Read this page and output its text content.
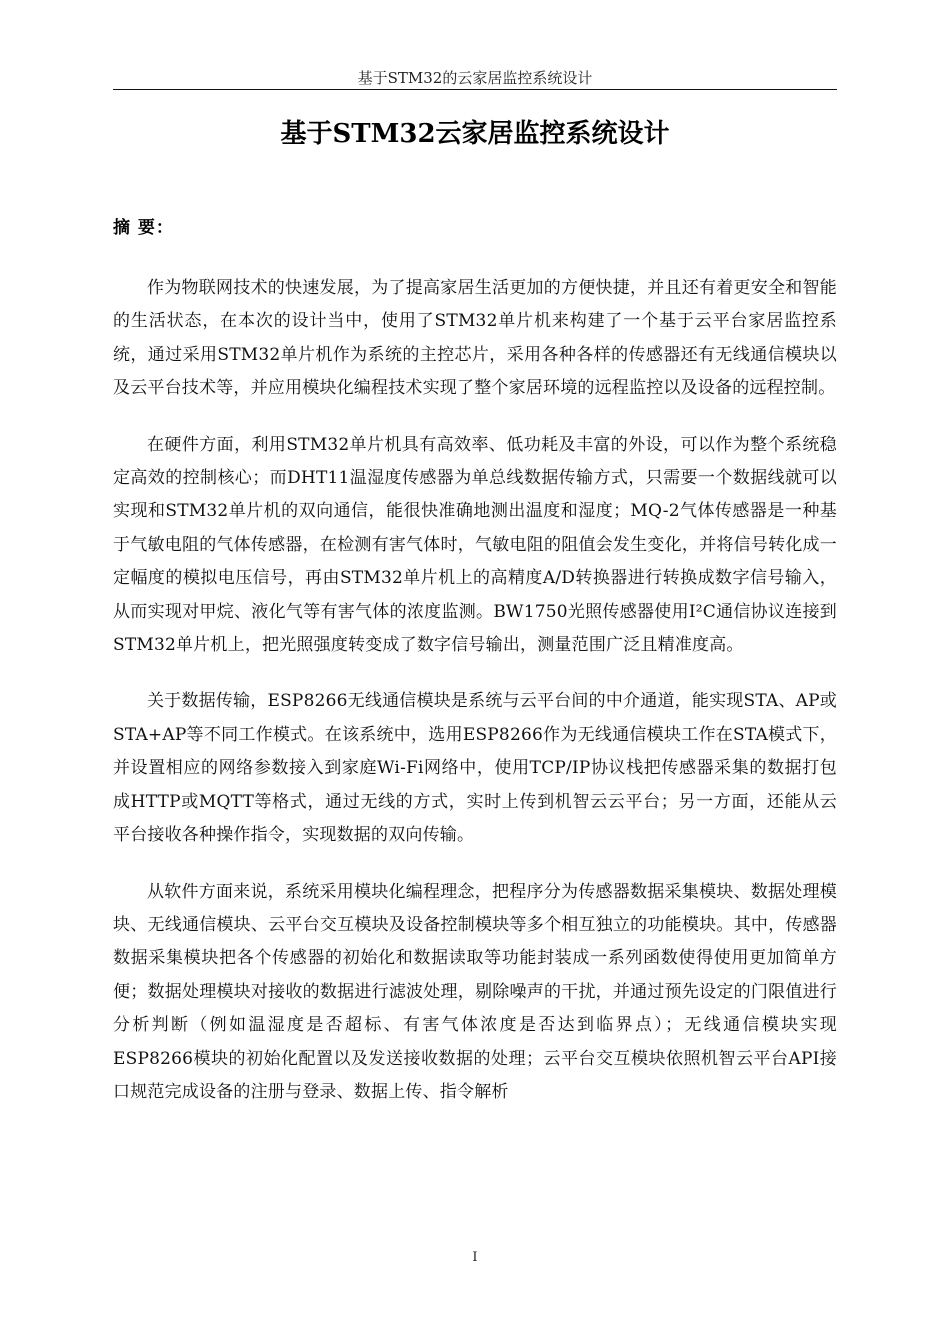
基于STM32的云家居监控系统设计
基于STM32云家居监控系统设计
摘 要：

作为物联网技术的快速发展，为了提高家居生活更加的方便快捷，并且还有着更安全和智能的生活状态，在本次的设计当中，使用了STM32单片机来构建了一个基于云平台家居监控系统，通过采用STM32单片机作为系统的主控芯片，采用各种各样的传感器还有无线通信模块以及云平台技术等，并应用模块化编程技术实现了整个家居环境的远程监控以及设备的远程控制。

在硬件方面，利用STM32单片机具有高效率、低功耗及丰富的外设，可以作为整个系统稳定高效的控制核心；而DHT11温湿度传感器为单总线数据传输方式，只需要一个数据线就可以实现和STM32单片机的双向通信，能很快准确地测出温度和湿度；MQ-2气体传感器是一种基于气敏电阻的气体传感器，在检测有害气体时，气敏电阻的阻值会发生变化，并将信号转化成一定幅度的模拟电压信号，再由STM32单片机上的高精度A/D转换器进行转换成数字信号输入，从而实现对甲烷、液化气等有害气体的浓度监测。BW1750光照传感器使用I²C通信协议连接到STM32单片机上，把光照强度转变成了数字信号输出，测量范围广泛且精准度高。

关于数据传输，ESP8266无线通信模块是系统与云平台间的中介通道，能实现STA、AP或STA+AP等不同工作模式。在该系统中，选用ESP8266作为无线通信模块工作在STA模式下，并设置相应的网络参数接入到家庭Wi-Fi网络中，使用TCP/IP协议栈把传感器采集的数据打包成HTTP或MQTT等格式，通过无线的方式，实时上传到机智云云平台；另一方面，还能从云平台接收各种操作指令，实现数据的双向传输。

从软件方面来说，系统采用模块化编程理念，把程序分为传感器数据采集模块、数据处理模块、无线通信模块、云平台交互模块及设备控制模块等多个相互独立的功能模块。其中，传感器数据采集模块把各个传感器的初始化和数据读取等功能封装成一系列函数使得使用更加简单方便；数据处理模块对接收的数据进行滤波处理，剔除噪声的干扰，并通过预先设定的门限值进行分析判断（例如温湿度是否超标、有害气体浓度是否达到临界点）；无线通信模块实现ESP8266模块的初始化配置以及发送接收数据的处理；云平台交互模块依照机智云平台API接口规范完成设备的注册与登录、数据上传、指令解析

I
